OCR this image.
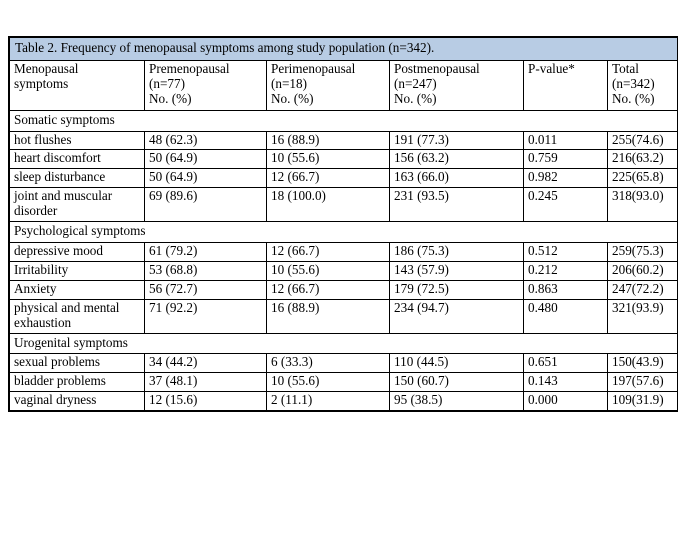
Table 2. Frequency of menopausal symptoms among study population (n=342).					
Menopausal
symptoms	Premenopausal
(n=77)
No. (%)	Perimenopausal
(n=18)
No. (%)	Postmenopausal
(n=247)
No. (%)	P-value*	Total
(n=342)
No. (%)

Somatic symptoms					
hot flushes	48 (62.3)	16 (88.9)	191 (77.3)	0.011	255(74.6)
heart discomfort	50 (64.9)	10 (55.6)	156 (63.2)	0.759	216(63.2)
sleep disturbance	50 (64.9)	12 (66.7)	163 (66.0)	0.982	225(65.8)
joint and muscular disorder	69 (89.6)	18 (100.0)	231 (93.5)	0.245	318(93.0)
Psychological symptoms					
depressive mood	61 (79.2)	12 (66.7)	186 (75.3)	0.512	259(75.3)
Irritability	53 (68.8)	10 (55.6)	143 (57.9)	0.212	206(60.2)
Anxiety	56 (72.7)	12 (66.7)	179 (72.5)	0.863	247(72.2)
physical and mental exhaustion	71 (92.2)	16 (88.9)	234 (94.7)	0.480	321(93.9)
Urogenital symptoms					
sexual problems	34 (44.2)	6 (33.3)	110 (44.5)	0.651	150(43.9)
bladder problems	37 (48.1)	10 (55.6)	150 (60.7)	0.143	197(57.6)
vaginal dryness	12 (15.6)	2 (11.1)	95 (38.5)	0.000	109(31.9)
